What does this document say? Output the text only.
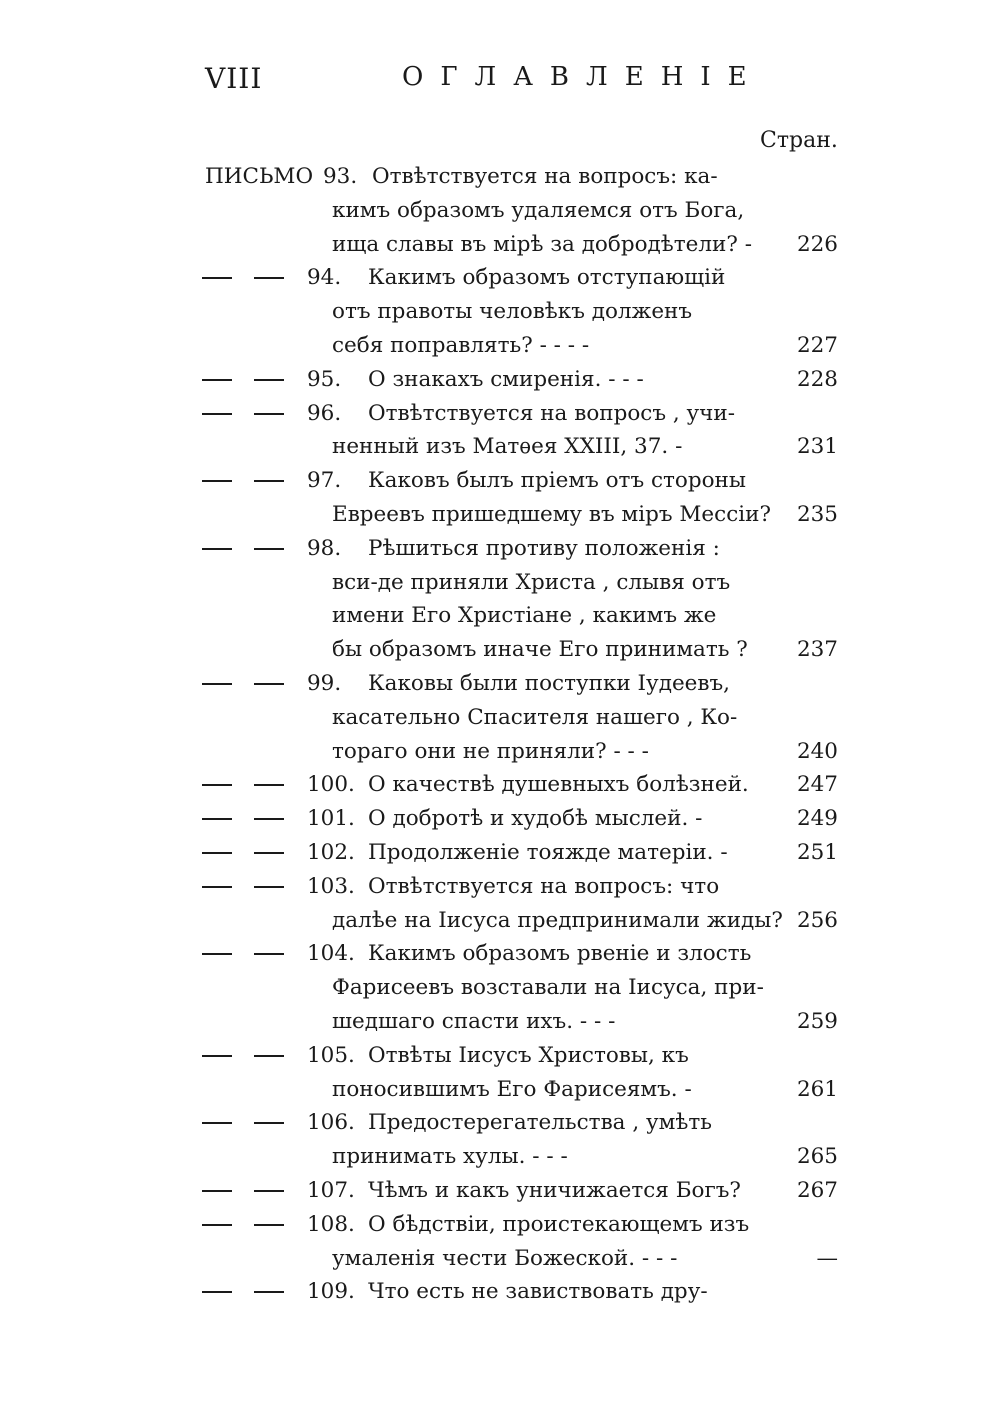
VIII	ОГЛАВЛЕНIЕ
Стран.
ПИСЬМО 93. Отвѣтствуется на вопросъ: ка-
кимъ образомъ удаляемся отъ Бога,
ища славы въ мірѣ за добродѣтели? - 226
94. Какимъ образомъ отступающій
отъ правоты человѣкъ долженъ
себя поправлять? - - - -	227
95. О знакахъ смиренія. - - -	228
96. Отвѣтствуется на вопросъ , учи-
ненный изъ Матѳея XXIII, 37. -	231
97. Каковъ былъ пріемъ отъ стороны
Евреевъ пришедшему въ міръ Мессіи? 235
98. Рѣшиться противу положенія :
вси-де приняли Христа , слывя отъ
имени Его Христіане , какимъ же
бы образомъ иначе Его принимать ? 237
99. Каковы были поступки Іудеевъ,
касательно Спасителя нашего , Ко-
тораго они не приняли? - - -	240
100. О качествѣ душевныхъ болѣзней. 247
101. О добротѣ и худобѣ мыслей. -	249
102. Продолженіе тояжде матеріи. -	251
103. Отвѣтствуется на вопросъ: что
далѣе на Іисуса предпринимали жиды? 256
104. Какимъ образомъ рвеніе и злость
Фарисеевъ возставали на Іисуса, при-
шедшаго спасти ихъ. - - -	259
105. Отвѣты Іисусъ Христовы, къ
поносившимъ Его Фарисеямъ. -	261
106. Предостерегательства , умѣть
принимать хулы. - - -	265
107. Чѣмъ и какъ уничижается Богъ?	267
108. О бѣдствіи, проистекающемъ изъ
умаленія чести Божеской. - - -	—
109. Что есть не завиствовать дру-
